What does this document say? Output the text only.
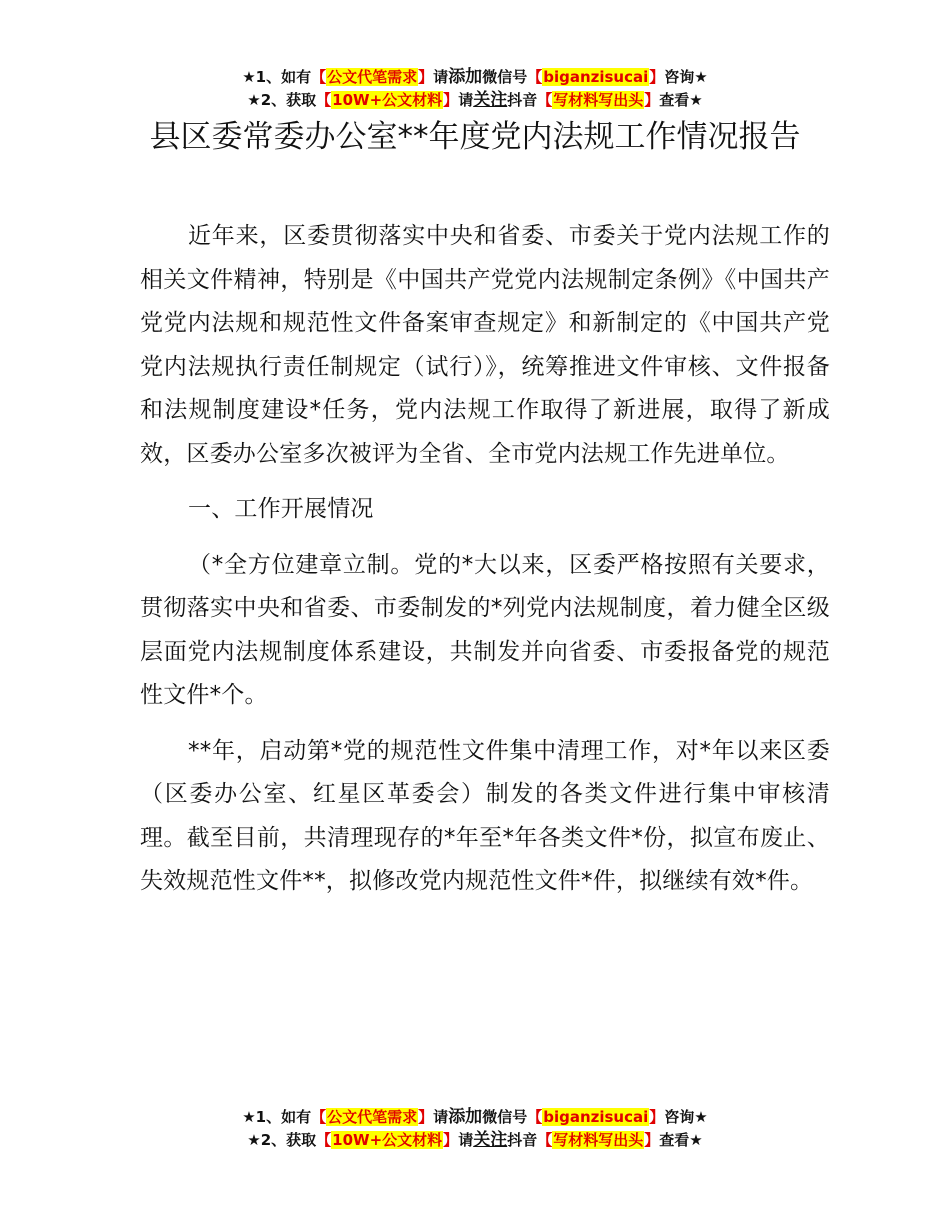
★1、如有【公文代笔需求】请添加微信号【biganzisucai】咨询★
★2、获取【10W+公文材料】请关注抖音【写材料写出头】查看★
县区委常委办公室**年度党内法规工作情况报告

近年来，区委贯彻落实中央和省委、市委关于党内法规工作的相关文件精神，特别是《中国共产党党内法规制定条例》《中国共产党党内法规和规范性文件备案审查规定》和新制定的《中国共产党党内法规执行责任制规定（试行）》，统筹推进文件审核、文件报备和法规制度建设*任务，党内法规工作取得了新进展，取得了新成效，区委办公室多次被评为全省、全市党内法规工作先进单位。

一、工作开展情况

（*全方位建章立制。党的*大以来，区委严格按照有关要求，贯彻落实中央和省委、市委制发的*列党内法规制度，着力健全区级层面党内法规制度体系建设，共制发并向省委、市委报备党的规范性文件*个。

**年，启动第*党的规范性文件集中清理工作，对*年以来区委（区委办公室、红星区革委会）制发的各类文件进行集中审核清理。截至目前，共清理现存的*年至*年各类文件*份，拟宣布废止、失效规范性文件**，拟修改党内规范性文件*件，拟继续有效*件。

★1、如有【公文代笔需求】请添加微信号【biganzisucai】咨询★
★2、获取【10W+公文材料】请关注抖音【写材料写出头】查看★
